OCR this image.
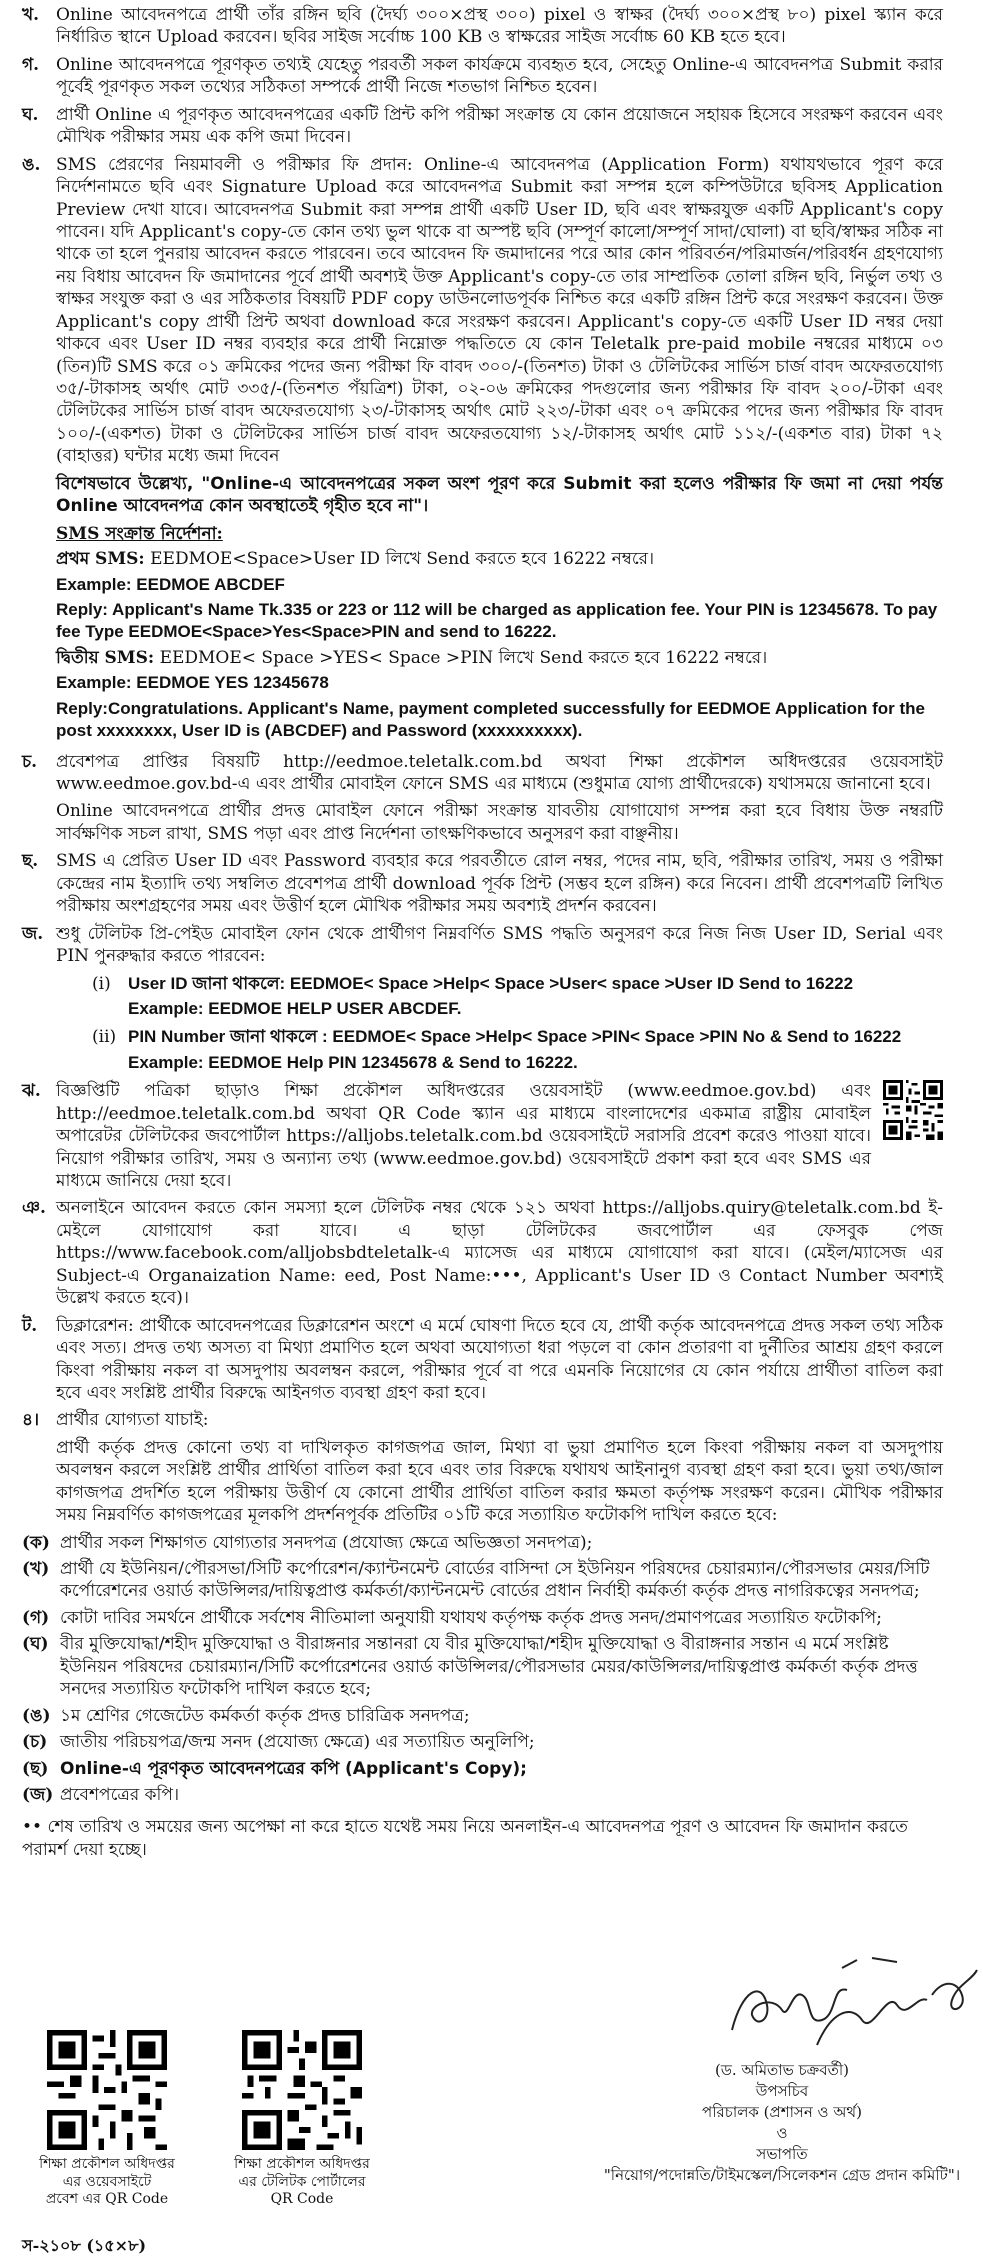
খ. Online আবেদনপত্রে প্রার্থী তাঁর রঙ্গিন ছবি (দৈর্ঘ্য ৩০০×প্রস্থ ৩০০) pixel ও স্বাক্ষর (দৈর্ঘ্য ৩০০×প্রস্থ ৮০) pixel স্ক্যান করে নির্ধারিত স্থানে Upload করবেন। ছবির সাইজ সর্বোচ্চ 100 KB ও স্বাক্ষরের সাইজ সর্বোচ্চ 60 KB হতে হবে।
গ. Online আবেদনপত্রে পূরণকৃত তথ্যই যেহেতু পরবর্তী সকল কার্যক্রমে ব্যবহৃত হবে, সেহেতু Online-এ আবেদনপত্র Submit করার পূর্বেই পূরণকৃত সকল তথ্যের সঠিকতা সম্পর্কে প্রার্থী নিজে শতভাগ নিশ্চিত হবেন।
ঘ.	প্রার্থী Online এ পূরণকৃত আবেদনপত্রের একটি প্রিন্ট কপি পরীক্ষা সংক্রান্ত যে কোন প্রয়োজনে সহায়ক হিসেবে সংরক্ষণ করবেন এবং মৌখিক পরীক্ষার সময় এক কপি জমা দিবেন।
ঙ. SMS প্রেরণের নিয়মাবলী ও পরীক্ষার ফি প্রদান: Online-এ আবেদনপত্র (Application Form) যথাযথভাবে পূরণ করে নির্দেশনামতে ছবি এবং Signature Upload করে আবেদনপত্র Submit করা সম্পন্ন হলে কম্পিউটারে ছবিসহ Application Preview দেখা যাবে। আবেদনপত্র Submit করা সম্পন্ন প্রার্থী একটি User ID, ছবি এবং স্বাক্ষরযুক্ত একটি Applicant's copy পাবেন। যদি Applicant's copy-তে কোন তথ্য ভুল থাকে বা অস্পষ্ট ছবি (সম্পূর্ণ কালো/সম্পূর্ণ সাদা/ঘোলা) বা ছবি/স্বাক্ষর সঠিক না থাকে তা হলে পুনরায় আবেদন করতে পারবেন। তবে আবেদন ফি জমাদানের পরে আর কোন পরিবর্তন/পরিমার্জন/পরিবর্ধন গ্রহণযোগ্য নয় বিধায় আবেদন ফি জমাদানের পূর্বে প্রার্থী অবশ্যই উক্ত Applicant's copy-তে তার সাম্প্রতিক তোলা রঙ্গিন ছবি, নির্ভুল তথ্য ও স্বাক্ষর সংযুক্ত করা ও এর সঠিকতার বিষয়টি PDF copy ডাউনলোডপূর্বক নিশ্চিত করে একটি রঙ্গিন প্রিন্ট করে সংরক্ষণ করবেন। উক্ত Applicant's copy প্রার্থী প্রিন্ট অথবা download করে সংরক্ষণ করবেন। Applicant's copy-তে একটি User ID নম্বর দেয়া থাকবে এবং User ID নম্বর ব্যবহার করে প্রার্থী নিম্নোক্ত পদ্ধতিতে যে কোন Teletalk pre-paid mobile নম্বরের মাধ্যমে ০৩ (তিন)টি SMS করে ০১ ক্রমিকের পদের জন্য পরীক্ষা ফি বাবদ ৩০০/-(তিনশত) টাকা ও টেলিটকের সার্ভিস চার্জ বাবদ অফেরতযোগ্য ৩৫/-টাকাসহ অর্থাৎ মোট ৩৩৫/-(তিনশত পঁয়ত্রিশ) টাকা, ০২-০৬ ক্রমিকের পদগুলোর জন্য পরীক্ষার ফি বাবদ ২০০/-টাকা এবং টেলিটকের সার্ভিস চার্জ বাবদ অফেরতযোগ্য ২৩/-টাকাসহ অর্থাৎ মোট ২২৩/-টাকা এবং ০৭ ক্রমিকের পদের জন্য পরীক্ষার ফি বাবদ ১০০/-(একশত) টাকা ও টেলিটকের সার্ভিস চার্জ বাবদ অফেরতযোগ্য ১২/-টাকাসহ অর্থাৎ মোট ১১২/-(একশত বার) টাকা ৭২ (বাহাত্তর) ঘন্টার মধ্যে জমা দিবেন
বিশেষভাবে উল্লেখ্য, "Online-এ আবেদনপত্রের সকল অংশ পূরণ করে Submit করা হলেও পরীক্ষার ফি জমা না দেয়া পর্যন্ত Online আবেদনপত্র কোন অবস্থাতেই গৃহীত হবে না"।

SMS সংক্রান্ত নির্দেশনা:

প্রথম SMS: EEDMOE<Space>User ID লিখে Send করতে হবে 16222 নম্বরে।

Example: EEDMOE ABCDEF

Reply: Applicant's Name Tk.335 or 223 or 112 will be charged as application fee. Your PIN is 12345678. To pay fee Type EEDMOE<Space>Yes<Space>PIN and send to 16222.

দ্বিতীয় SMS: EEDMOE< Space >YES< Space >PIN লিখে Send করতে হবে 16222 নম্বরে।

Example: EEDMOE YES 12345678

Reply:Congratulations. Applicant's Name, payment completed successfully for EEDMOE Application for the post xxxxxxxx, User ID is (ABCDEF) and Password (xxxxxxxxxx).

চ.	প্রবেশপত্র প্রাপ্তির বিষয়টি http://eedmoe.teletalk.com.bd অথবা শিক্ষা প্রকৌশল অধিদপ্তরের ওয়েবসাইট www.eedmoe.gov.bd-এ এবং প্রার্থীর মোবাইল ফোনে SMS এর মাধ্যমে (শুধুমাত্র যোগ্য প্রার্থীদেরকে) যথাসময়ে জানানো হবে।
Online আবেদনপত্রে প্রার্থীর প্রদত্ত মোবাইল ফোনে পরীক্ষা সংক্রান্ত যাবতীয় যোগাযোগ সম্পন্ন করা হবে বিধায় উক্ত নম্বরটি সার্বক্ষণিক সচল রাখা, SMS পড়া এবং প্রাপ্ত নির্দেশনা তাৎক্ষণিকভাবে অনুসরণ করা বাঞ্ছনীয়।
ছ.	SMS এ প্রেরিত User ID এবং Password ব্যবহার করে পরবর্তীতে রোল নম্বর, পদের নাম, ছবি, পরীক্ষার তারিখ, সময় ও পরীক্ষা কেন্দ্রের নাম ইত্যাদি তথ্য সম্বলিত প্রবেশপত্র প্রার্থী download পূর্বক প্রিন্ট (সম্ভব হলে রঙ্গিন) করে নিবেন। প্রার্থী প্রবেশপত্রটি লিখিত পরীক্ষায় অংশগ্রহণের সময় এবং উত্তীর্ণ হলে মৌখিক পরীক্ষার সময় অবশ্যই প্রদর্শন করবেন।
জ. শুধু টেলিটক প্রি-পেইড মোবাইল ফোন থেকে প্রার্থীগণ নিম্নবর্ণিত SMS পদ্ধতি অনুসরণ করে নিজ নিজ User ID, Serial এবং PIN পুনরুদ্ধার করতে পারবেন:
(i)	User ID জানা থাকলে: EEDMOE< Space >Help< Space >User< space >User ID Send to 16222
Example: EEDMOE HELP USER ABCDEF.
(ii) PIN Number জানা থাকলে : EEDMOE< Space >Help< Space >PIN< Space >PIN No & Send to 16222
Example: EEDMOE Help PIN 12345678 & Send to 16222.
ঝ. বিজ্ঞপ্তিটি পত্রিকা ছাড়াও শিক্ষা প্রকৌশল অধিদপ্তরের ওয়েবসাইট (www.eedmoe.gov.bd) এবং http://eedmoe.teletalk.com.bd অথবা QR Code স্ক্যান এর মাধ্যমে বাংলাদেশের একমাত্র রাষ্ট্রীয় মোবাইল অপারেটর টেলিটকের জবপোর্টাল https://alljobs.teletalk.com.bd ওয়েবসাইটে সরাসরি প্রবেশ করেও পাওয়া যাবে। নিয়োগ পরীক্ষার তারিখ, সময় ও অন্যান্য তথ্য (www.eedmoe.gov.bd) ওয়েবসাইটে প্রকাশ করা হবে এবং SMS এর মাধ্যমে জানিয়ে দেয়া হবে।
ঞ. অনলাইনে আবেদন করতে কোন সমস্যা হলে টেলিটক নম্বর থেকে ১২১ অথবা https://alljobs.quiry@teletalk.com.bd ই-মেইলে যোগাযোগ করা যাবে। এ ছাড়া টেলিটকের জবপোর্টাল এর ফেসবুক পেজ https://www.facebook.com/alljobsbdteletalk-এ ম্যাসেজ এর মাধ্যমে যোগাযোগ করা যাবে। (মেইল/ম্যাসেজ এর Subject-এ Organaization Name: eed, Post Name:•••, Applicant's User ID ও Contact Number অবশ্যই উল্লেখ করতে হবে)।
ট.	ডিক্লারেশন: প্রার্থীকে আবেদনপত্রের ডিক্লারেশন অংশে এ মর্মে ঘোষণা দিতে হবে যে, প্রার্থী কর্তৃক আবেদনপত্রে প্রদত্ত সকল তথ্য সঠিক এবং সত্য। প্রদত্ত তথ্য অসত্য বা মিথ্যা প্রমাণিত হলে অথবা অযোগ্যতা ধরা পড়লে বা কোন প্রতারণা বা দুর্নীতির আশ্রয় গ্রহণ করলে কিংবা পরীক্ষায় নকল বা অসদুপায় অবলম্বন করলে, পরীক্ষার পূর্বে বা পরে এমনকি নিয়োগের যে কোন পর্যায়ে প্রার্থীতা বাতিল করা হবে এবং সংশ্লিষ্ট প্রার্থীর বিরুদ্ধে আইনগত ব্যবস্থা গ্রহণ করা হবে।
৪। প্রার্থীর যোগ্যতা যাচাই:
প্রার্থী কর্তৃক প্রদত্ত কোনো তথ্য বা দাখিলকৃত কাগজপত্র জাল, মিথ্যা বা ভুয়া প্রমাণিত হলে কিংবা পরীক্ষায় নকল বা অসদুপায় অবলম্বন করলে সংশ্লিষ্ট প্রার্থীর প্রার্থিতা বাতিল করা হবে এবং তার বিরুদ্ধে যথাযথ আইনানুগ ব্যবস্থা গ্রহণ করা হবে। ভুয়া তথ্য/জাল কাগজপত্র প্রদর্শিত হলে পরীক্ষায় উত্তীর্ণ যে কোনো প্রার্থীর প্রার্থিতা বাতিল করার ক্ষমতা কর্তৃপক্ষ সংরক্ষণ করেন। মৌখিক পরীক্ষার সময় নিম্নবর্ণিত কাগজপত্রের মূলকপি প্রদর্শনপূর্বক প্রতিটির ০১টি করে সত্যায়িত ফটোকপি দাখিল করতে হবে:
(ক) প্রার্থীর সকল শিক্ষাগত যোগ্যতার সনদপত্র (প্রযোজ্য ক্ষেত্রে অভিজ্ঞতা সনদপত্র);
(খ) প্রার্থী যে ইউনিয়ন/পৌরসভা/সিটি কর্পোরেশন/ক্যান্টনমেন্ট বোর্ডের বাসিন্দা সে ইউনিয়ন পরিষদের চেয়ারম্যান/পৌরসভার মেয়র/সিটি কর্পোরেশনের ওয়ার্ড কাউন্সিলর/দায়িত্বপ্রাপ্ত কর্মকর্তা/ক্যান্টনমেন্ট বোর্ডের প্রধান নির্বাহী কর্মকর্তা কর্তৃক প্রদত্ত নাগরিকত্বের সনদপত্র;
(গ) কোটা দাবির সমর্থনে প্রার্থীকে সর্বশেষ নীতিমালা অনুযায়ী যথাযথ কর্তৃপক্ষ কর্তৃক প্রদত্ত সনদ/প্রমাণপত্রের সত্যায়িত ফটোকপি;
(ঘ) বীর মুক্তিযোদ্ধা/শহীদ মুক্তিযোদ্ধা ও বীরাঙ্গনার সন্তানরা যে বীর মুক্তিযোদ্ধা/শহীদ মুক্তিযোদ্ধা ও বীরাঙ্গনার সন্তান এ মর্মে সংশ্লিষ্ট ইউনিয়ন পরিষদের চেয়ারম্যান/সিটি কর্পোরেশনের ওয়ার্ড কাউন্সিলর/পৌরসভার মেয়র/কাউন্সিলর/দায়িত্বপ্রাপ্ত কর্মকর্তা কর্তৃক প্রদত্ত সনদের সত্যায়িত ফটোকপি দাখিল করতে হবে;
(ঙ) ১ম শ্রেণির গেজেটেড কর্মকর্তা কর্তৃক প্রদত্ত চারিত্রিক সনদপত্র;
(চ) জাতীয় পরিচয়পত্র/জন্ম সনদ (প্রযোজ্য ক্ষেত্রে) এর সত্যায়িত অনুলিপি;
(ছ) Online-এ পূরণকৃত আবেদনপত্রের কপি (Applicant's Copy);
(জ) প্রবেশপত্রের কপি।
•• শেষ তারিখ ও সময়ের জন্য অপেক্ষা না করে হাতে যথেষ্ট সময় নিয়ে অনলাইন-এ আবেদনপত্র পূরণ ও আবেদন ফি জমাদান করতে পরামর্শ দেয়া হচ্ছে।
শিক্ষা প্রকৌশল অধিদপ্তর
এর ওয়েবসাইটে
প্রবেশ এর QR Code
শিক্ষা প্রকৌশল অধিদপ্তর
এর টেলিটক পোর্টালের
QR Code
(ড. অমিতাভ চক্রবর্তী)
উপসচিব
পরিচালক (প্রশাসন ও অর্থ)
ও
সভাপতি
"নিয়োগ/পদোন্নতি/টাইমস্কেল/সিলেকশন গ্রেড প্রদান কমিটি"।
স-২১০৮ (১৫×৮)
